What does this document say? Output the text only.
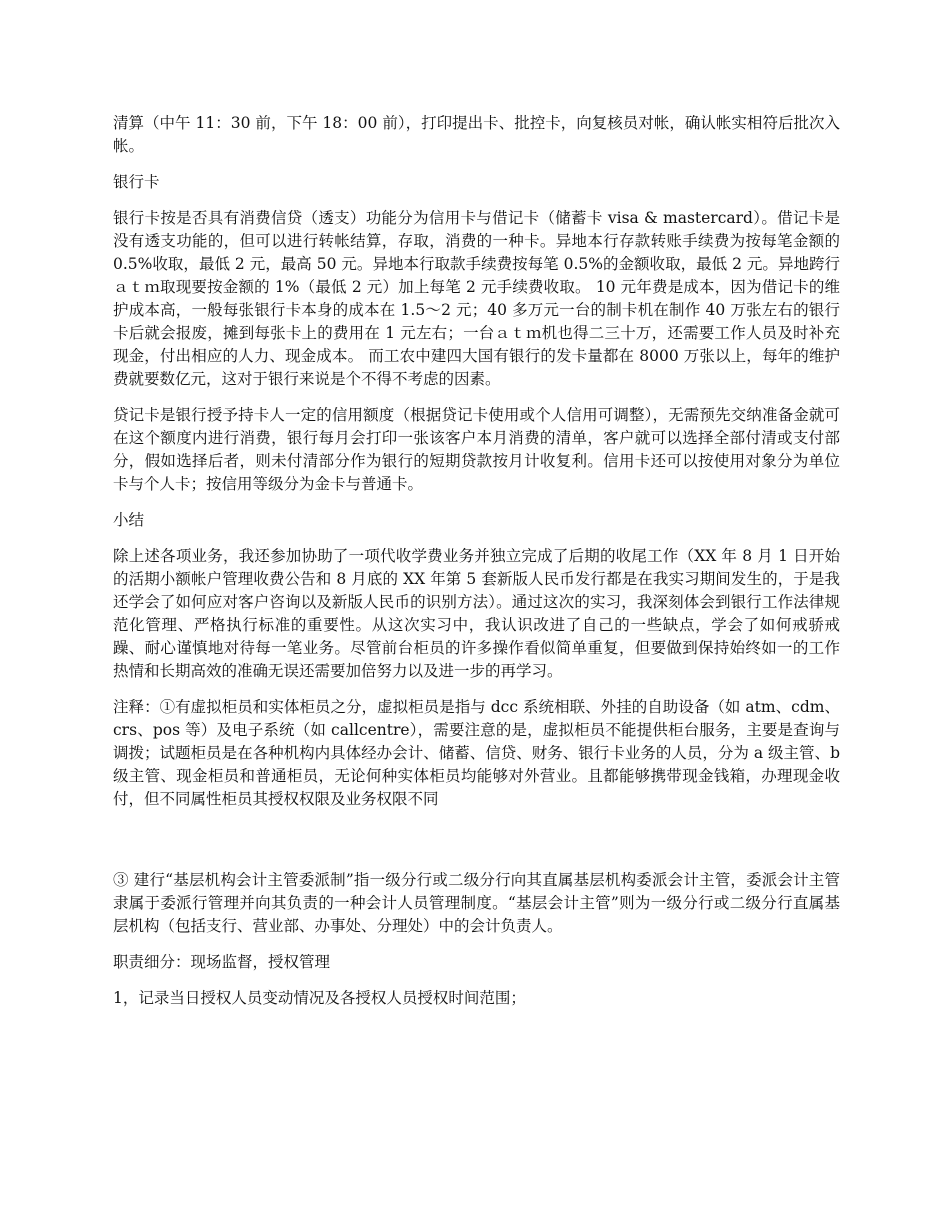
清算（中午 11：30 前，下午 18：00 前），打印提出卡、批控卡，向复核员对帐，确认帐实相符后批次入帐。

银行卡

银行卡按是否具有消费信贷（透支）功能分为信用卡与借记卡（储蓄卡 visa & mastercard）。借记卡是没有透支功能的，但可以进行转帐结算，存取，消费的一种卡。异地本行存款转账手续费为按每笔金额的 0.5%收取，最低 2 元，最高 50 元。异地本行取款手续费按每笔 0.5%的金额收取，最低 2 元。异地跨行ａｔｍ取现要按金额的 1%（最低 2 元）加上每笔 2 元手续费收取。 10 元年费是成本，因为借记卡的维护成本高，一般每张银行卡本身的成本在 1.5～2 元；40 多万元一台的制卡机在制作 40 万张左右的银行卡后就会报废，摊到每张卡上的费用在 1 元左右；一台ａｔｍ机也得二三十万，还需要工作人员及时补充现金，付出相应的人力、现金成本。 而工农中建四大国有银行的发卡量都在 8000 万张以上，每年的维护费就要数亿元，这对于银行来说是个不得不考虑的因素。

贷记卡是银行授予持卡人一定的信用额度（根据贷记卡使用或个人信用可调整），无需预先交纳准备金就可在这个额度内进行消费，银行每月会打印一张该客户本月消费的清单，客户就可以选择全部付清或支付部分，假如选择后者，则未付清部分作为银行的短期贷款按月计收复利。信用卡还可以按使用对象分为单位卡与个人卡；按信用等级分为金卡与普通卡。

小结

除上述各项业务，我还参加协助了一项代收学费业务并独立完成了后期的收尾工作（XX 年 8 月 1 日开始的活期小额帐户管理收费公告和 8 月底的 XX 年第 5 套新版人民币发行都是在我实习期间发生的，于是我还学会了如何应对客户咨询以及新版人民币的识别方法）。通过这次的实习，我深刻体会到银行工作法律规范化管理、严格执行标准的重要性。从这次实习中，我认识改进了自己的一些缺点，学会了如何戒骄戒躁、耐心谨慎地对待每一笔业务。尽管前台柜员的许多操作看似简单重复，但要做到保持始终如一的工作热情和长期高效的准确无误还需要加倍努力以及进一步的再学习。

注释：①有虚拟柜员和实体柜员之分，虚拟柜员是指与 dcc 系统相联、外挂的自助设备（如 atm、cdm、crs、pos 等）及电子系统（如 callcentre），需要注意的是，虚拟柜员不能提供柜台服务，主要是查询与调拨；试题柜员是在各种机构内具体经办会计、储蓄、信贷、财务、银行卡业务的人员，分为 a 级主管、b 级主管、现金柜员和普通柜员，无论何种实体柜员均能够对外营业。且都能够携带现金钱箱，办理现金收付，但不同属性柜员其授权权限及业务权限不同

③ 建行“基层机构会计主管委派制”指一级分行或二级分行向其直属基层机构委派会计主管，委派会计主管隶属于委派行管理并向其负责的一种会计人员管理制度。“基层会计主管”则为一级分行或二级分行直属基层机构（包括支行、营业部、办事处、分理处）中的会计负责人。

职责细分：现场监督，授权管理

1，记录当日授权人员变动情况及各授权人员授权时间范围；
